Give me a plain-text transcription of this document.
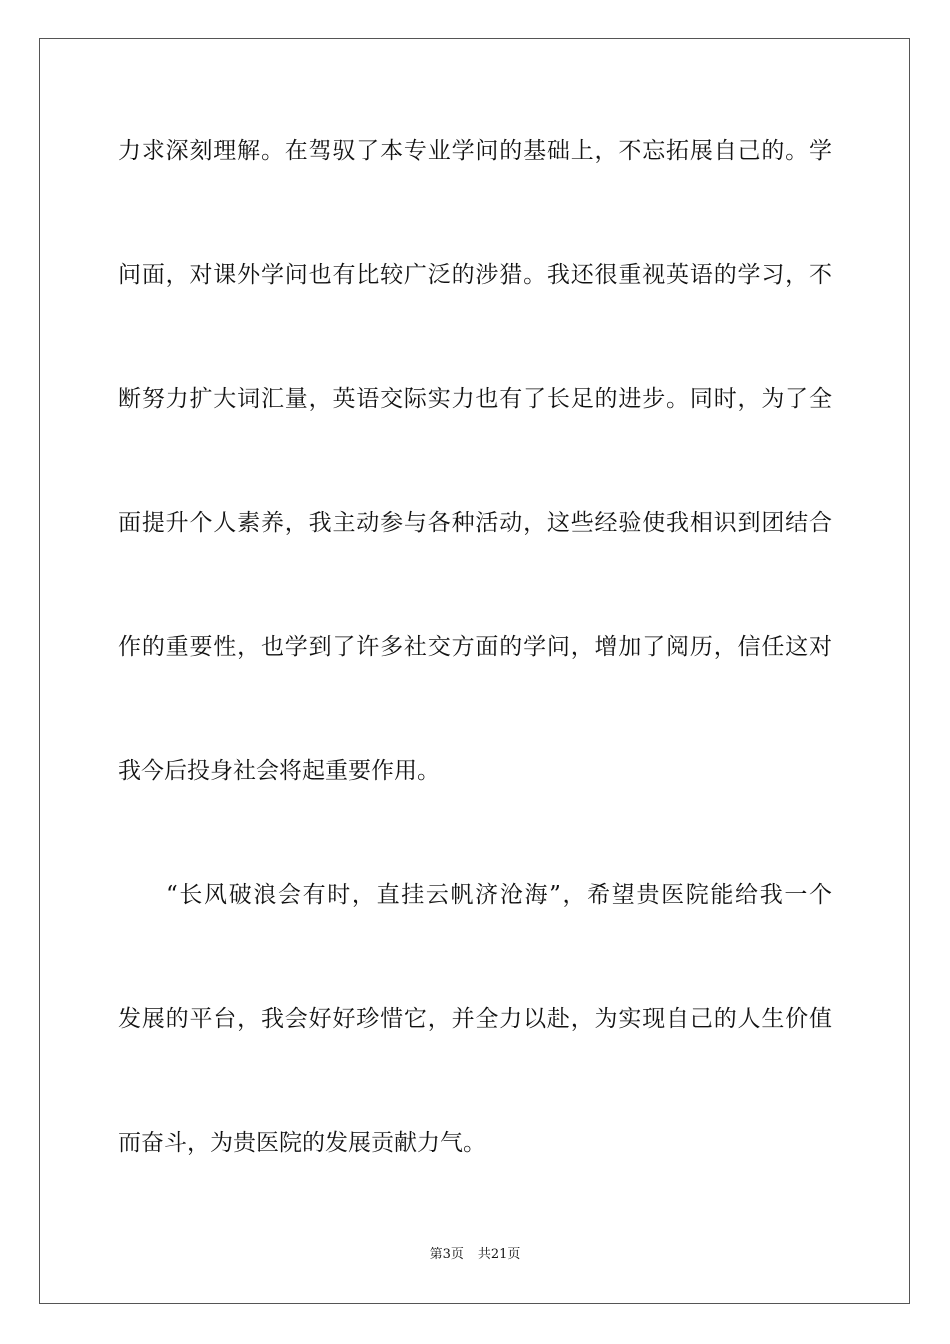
力求深刻理解。在驾驭了本专业学问的基础上，不忘拓展自己的。学
问面，对课外学问也有比较广泛的涉猎。我还很重视英语的学习，不
断努力扩大词汇量，英语交际实力也有了长足的进步。同时，为了全
面提升个人素养，我主动参与各种活动，这些经验使我相识到团结合
作的重要性，也学到了许多社交方面的学问，增加了阅历，信任这对
我今后投身社会将起重要作用。
“长风破浪会有时，直挂云帆济沧海”，希望贵医院能给我一个
发展的平台，我会好好珍惜它，并全力以赴，为实现自己的人生价值
而奋斗，为贵医院的发展贡献力气。
第3页 共21页
